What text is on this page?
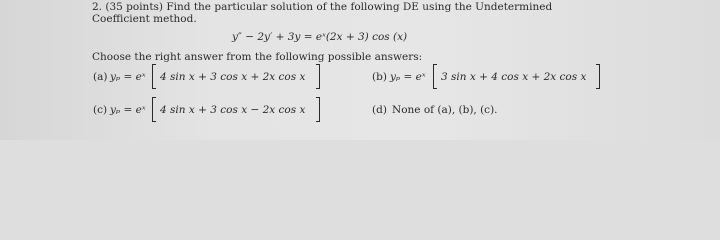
2. (35 points) Find the particular solution of the following DE using the Undetermined
Coefficient method.
y″ − 2y′ + 3y = eˣ(2x + 3) cos (x)
Choose the right answer from the following possible answers:
(a) yₚ = eˣ 4 sin x + 3 cos x + 2x cos x	(b) yₚ = eˣ 3 sin x + 4 cos x + 2x cos x
(c) yₚ = eˣ 4 sin x + 3 cos x − 2x cos x	(d) None of (a), (b), (c).
